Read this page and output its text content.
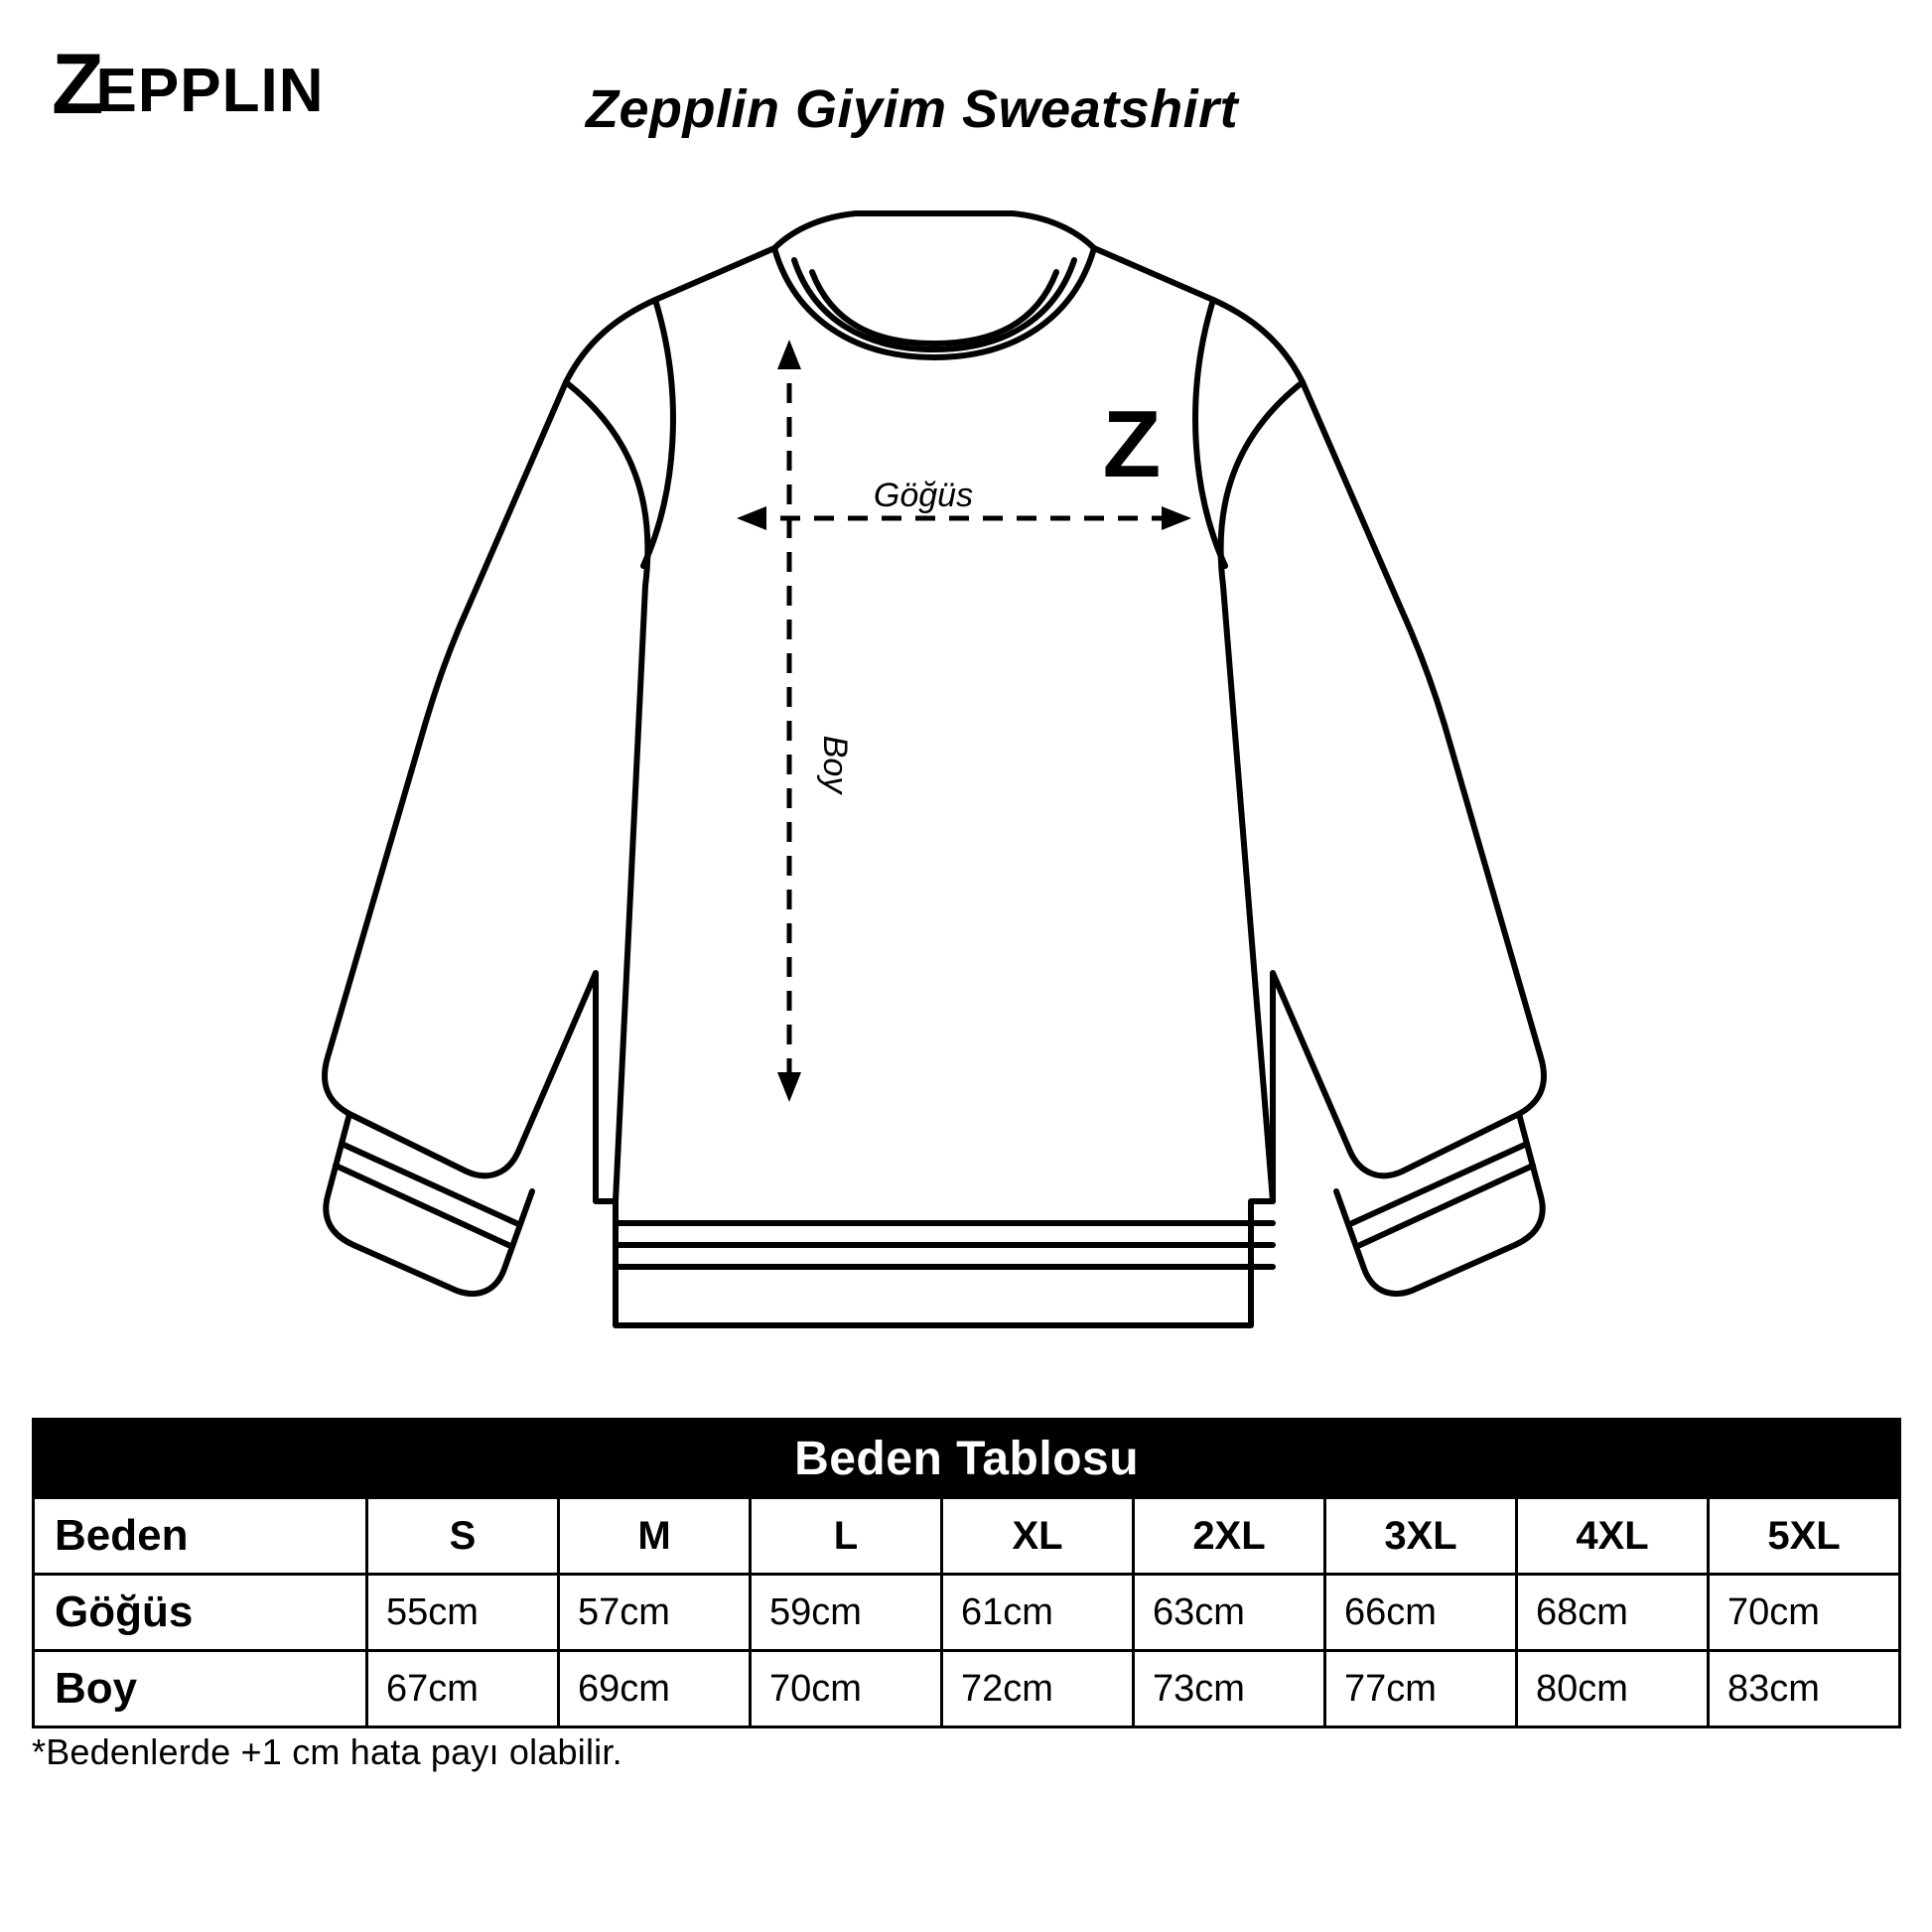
Z
EPPLIN	Zepplin Giyim Sweatshirt
Göğüs
Boy
Z
Beden Tablosu								
Beden	S	M	L	XL	2XL	3XL	4XL	5XL
Göğüs	55cm	57cm	59cm	61cm	63cm	66cm	68cm	70cm
Boy	67cm	69cm	70cm	72cm	73cm	77cm	80cm	83cm
*Bedenlerde +1 cm hata payı olabilir.
